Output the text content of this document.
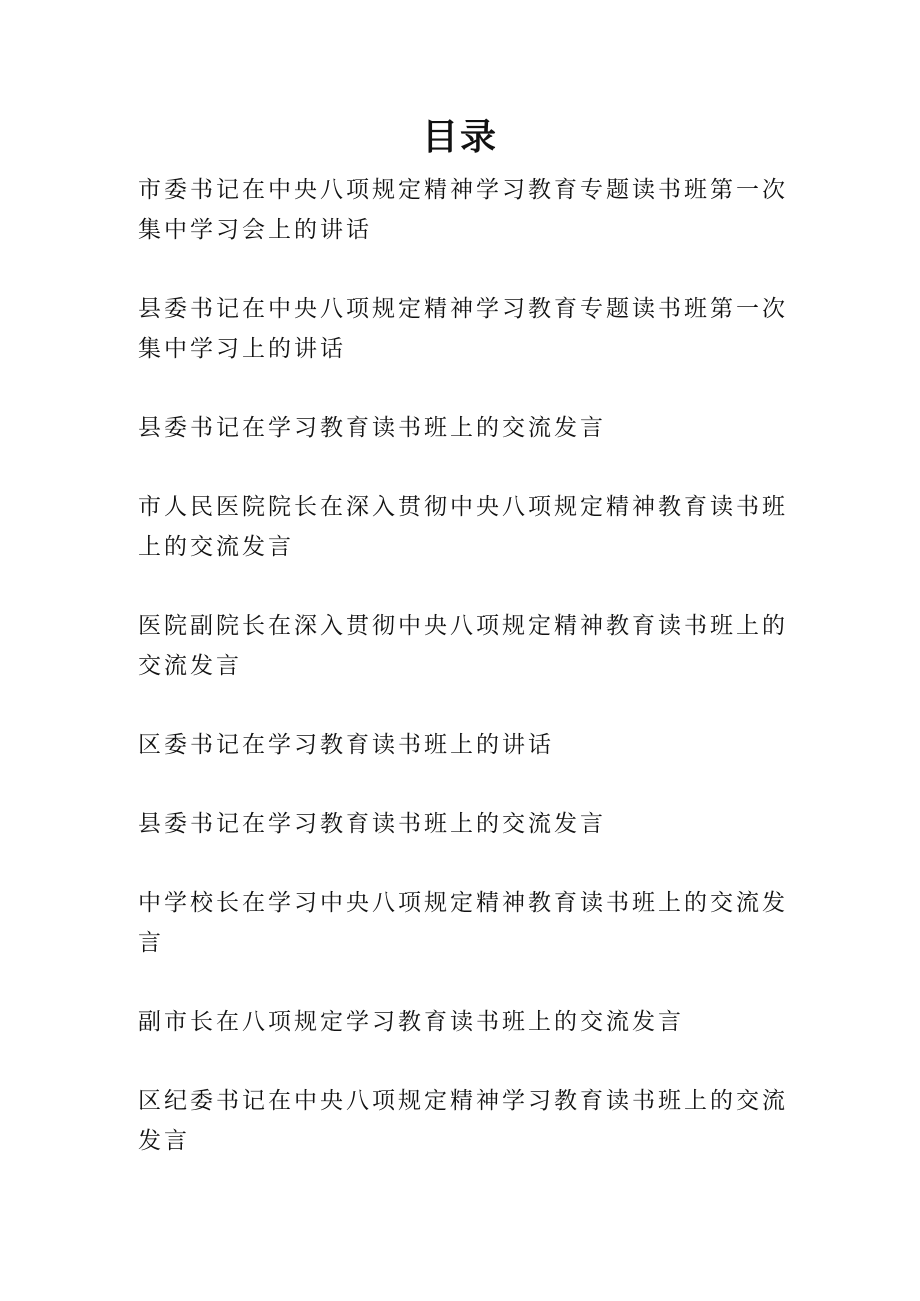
目录
市委书记在中央八项规定精神学习教育专题读书班第一次集中学习会上的讲话
县委书记在中央八项规定精神学习教育专题读书班第一次集中学习上的讲话
县委书记在学习教育读书班上的交流发言
市人民医院院长在深入贯彻中央八项规定精神教育读书班上的交流发言
医院副院长在深入贯彻中央八项规定精神教育读书班上的交流发言
区委书记在学习教育读书班上的讲话
县委书记在学习教育读书班上的交流发言
中学校长在学习中央八项规定精神教育读书班上的交流发言
副市长在八项规定学习教育读书班上的交流发言
区纪委书记在中央八项规定精神学习教育读书班上的交流发言
